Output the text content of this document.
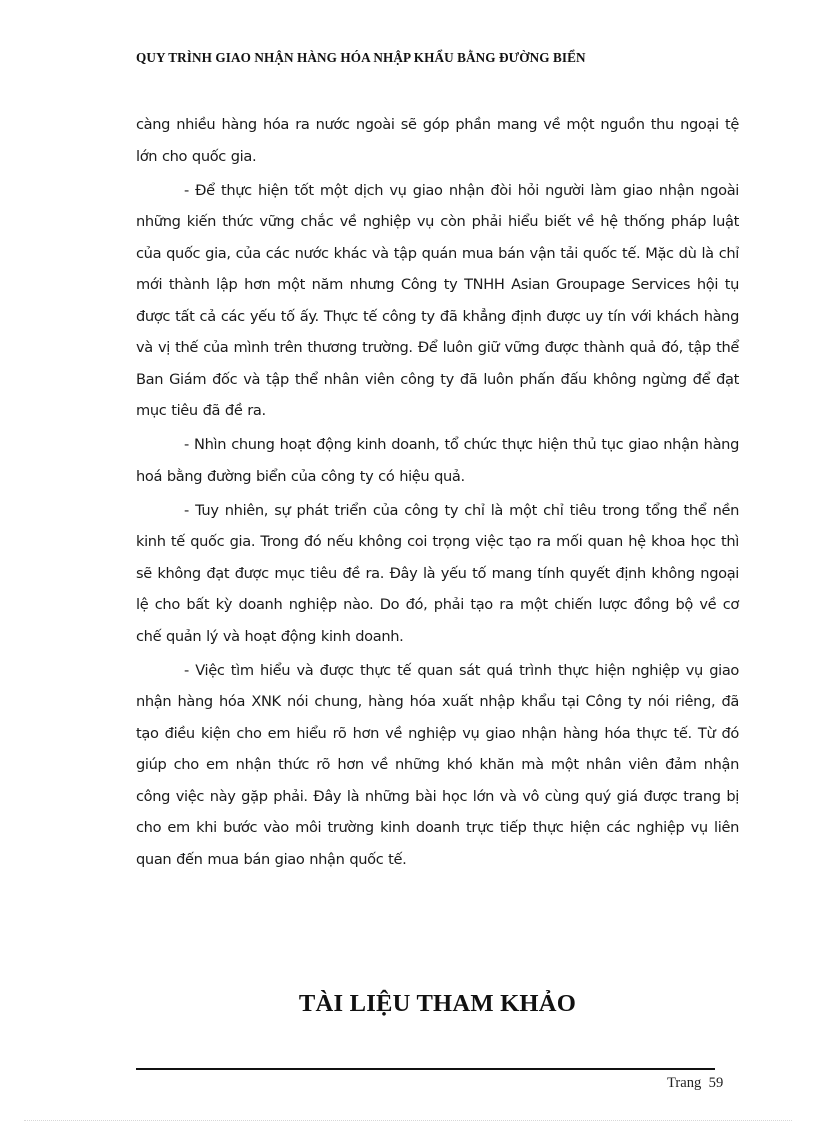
QUY TRÌNH GIAO NHẬN HÀNG HÓA NHẬP KHẨU BẰNG ĐƯỜNG BIỂN

càng nhiều hàng hóa ra nước ngoài sẽ góp phần mang về một nguồn thu ngoại tệ lớn cho quốc gia.

- Để thực hiện tốt một dịch vụ giao nhận đòi hỏi người làm giao nhận ngoài những kiến thức vững chắc về nghiệp vụ còn phải hiểu biết về hệ thống pháp luật của quốc gia, của các nước khác và tập quán mua bán vận tải quốc tế. Mặc dù là chỉ mới thành lập hơn một năm nhưng Công ty TNHH Asian Groupage Services hội tụ được tất cả các yếu tố ấy. Thực tế công ty đã khẳng định được uy tín với khách hàng và vị thế của mình trên thương trường. Để luôn giữ vững được thành quả đó, tập thể Ban Giám đốc và tập thể nhân viên công ty đã luôn phấn đấu không ngừng để đạt mục tiêu đã đề ra.

- Nhìn chung hoạt động kinh doanh, tổ chức thực hiện thủ tục giao nhận hàng hoá bằng đường biển của công ty có hiệu quả.

- Tuy nhiên, sự phát triển của công ty chỉ là một chỉ tiêu trong tổng thể nền kinh tế quốc gia. Trong đó nếu không coi trọng việc tạo ra mối quan hệ khoa học thì sẽ không đạt được mục tiêu đề ra. Đây là yếu tố mang tính quyết định không ngoại lệ cho bất kỳ doanh nghiệp nào. Do đó, phải tạo ra một chiến lược đồng bộ về cơ chế quản lý và hoạt động kinh doanh.

- Việc tìm hiểu và được thực tế quan sát quá trình thực hiện nghiệp vụ giao nhận hàng hóa XNK nói chung, hàng hóa xuất nhập khẩu tại Công ty nói riêng, đã tạo điều kiện cho em hiểu rõ hơn về nghiệp vụ giao nhận hàng hóa thực tế. Từ đó giúp cho em nhận thức rõ hơn về những khó khăn mà một nhân viên đảm nhận công việc này gặp phải. Đây là những bài học lớn và vô cùng quý giá được trang bị cho em khi bước vào môi trường kinh doanh trực tiếp thực hiện các nghiệp vụ liên quan đến mua bán giao nhận quốc tế.

TÀI LIỆU THAM KHẢO
Trang 59
